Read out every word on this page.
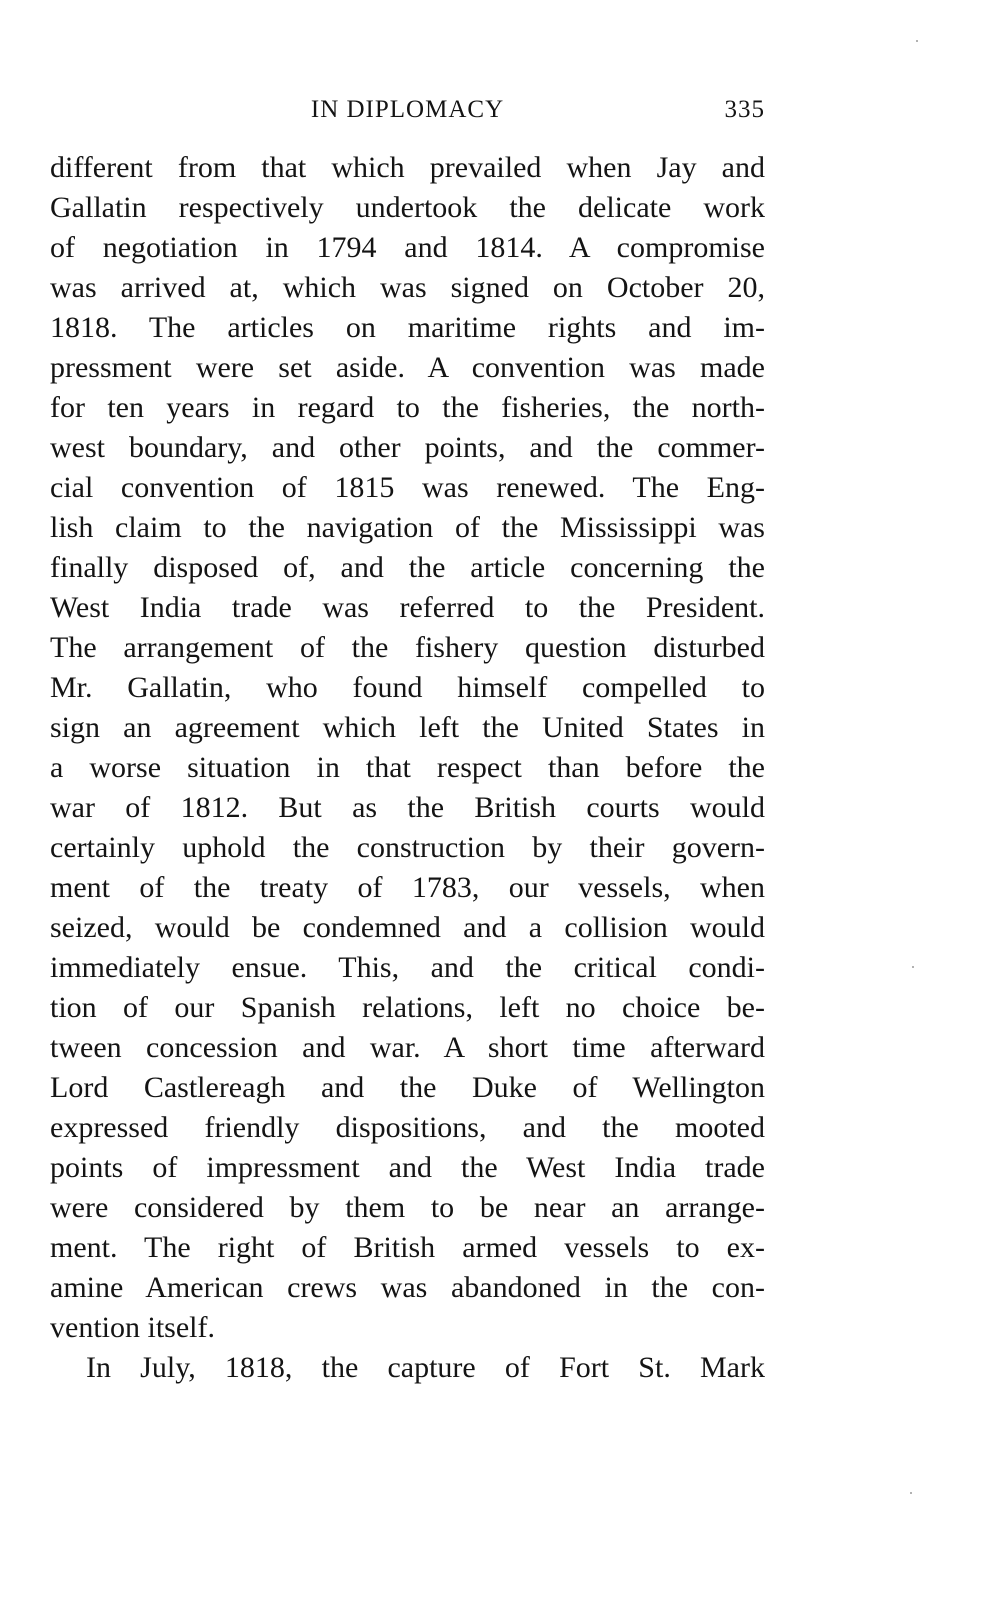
IN DIPLOMACY	335
different from that which prevailed when Jay and
Gallatin respectively undertook the delicate work
of negotiation in 1794 and 1814. A compromise
was arrived at, which was signed on October 20,
1818. The articles on maritime rights and im-
pressment were set aside. A convention was made
for ten years in regard to the fisheries, the north-
west boundary, and other points, and the commer-
cial convention of 1815 was renewed. The Eng-
lish claim to the navigation of the Mississippi was
finally disposed of, and the article concerning the
West India trade was referred to the President.
The arrangement of the fishery question disturbed
Mr. Gallatin, who found himself compelled to
sign an agreement which left the United States in
a worse situation in that respect than before the
war of 1812. But as the British courts would
certainly uphold the construction by their govern-
ment of the treaty of 1783, our vessels, when
seized, would be condemned and a collision would
immediately ensue. This, and the critical condi-
tion of our Spanish relations, left no choice be-
tween concession and war. A short time afterward
Lord Castlereagh and the Duke of Wellington
expressed friendly dispositions, and the mooted
points of impressment and the West India trade
were considered by them to be near an arrange-
ment. The right of British armed vessels to ex-
amine American crews was abandoned in the con-
vention itself.
In July, 1818, the capture of Fort St. Mark
